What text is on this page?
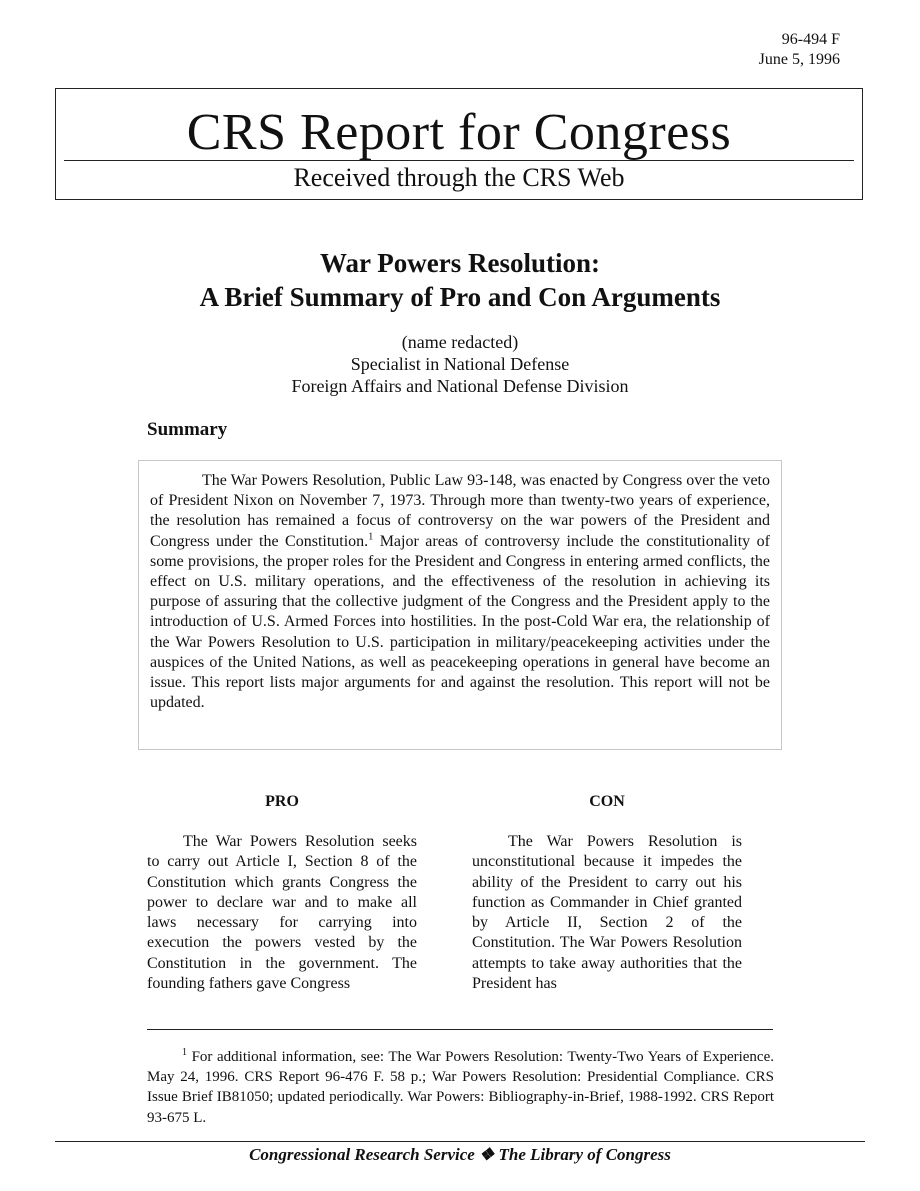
96-494 F
June 5, 1996
CRS Report for Congress
Received through the CRS Web
War Powers Resolution:
A Brief Summary of Pro and Con Arguments
(name redacted)
Specialist in National Defense
Foreign Affairs and National Defense Division
Summary
The War Powers Resolution, Public Law 93-148, was enacted by Congress over the veto of President Nixon on November 7, 1973. Through more than twenty-two years of experience, the resolution has remained a focus of controversy on the war powers of the President and Congress under the Constitution.$^1$ Major areas of controversy include the constitutionality of some provisions, the proper roles for the President and Congress in entering armed conflicts, the effect on U.S. military operations, and the effectiveness of the resolution in achieving its purpose of assuring that the collective judgment of the Congress and the President apply to the introduction of U.S. Armed Forces into hostilities. In the post-Cold War era, the relationship of the War Powers Resolution to U.S. participation in military/peacekeeping activities under the auspices of the United Nations, as well as peacekeeping operations in general have become an issue. This report lists major arguments for and against the resolution. This report will not be updated.
PRO	CON
The War Powers Resolution seeks to carry out Article I, Section 8 of the Constitution which grants Congress the power to declare war and to make all laws necessary for carrying into execution the powers vested by the Constitution in the government. The founding fathers gave Congress
The War Powers Resolution is unconstitutional because it impedes the ability of the President to carry out his function as Commander in Chief granted by Article II, Section 2 of the Constitution. The War Powers Resolution attempts to take away authorities that the President has
$^1$ For additional information, see: The War Powers Resolution: Twenty-Two Years of Experience. May 24, 1996. CRS Report 96-476 F. 58 p.; War Powers Resolution: Presidential Compliance. CRS Issue Brief IB81050; updated periodically. War Powers: Bibliography-in-Brief, 1988-1992. CRS Report 93-675 L.
Congressional Research Service ❖ The Library of Congress
